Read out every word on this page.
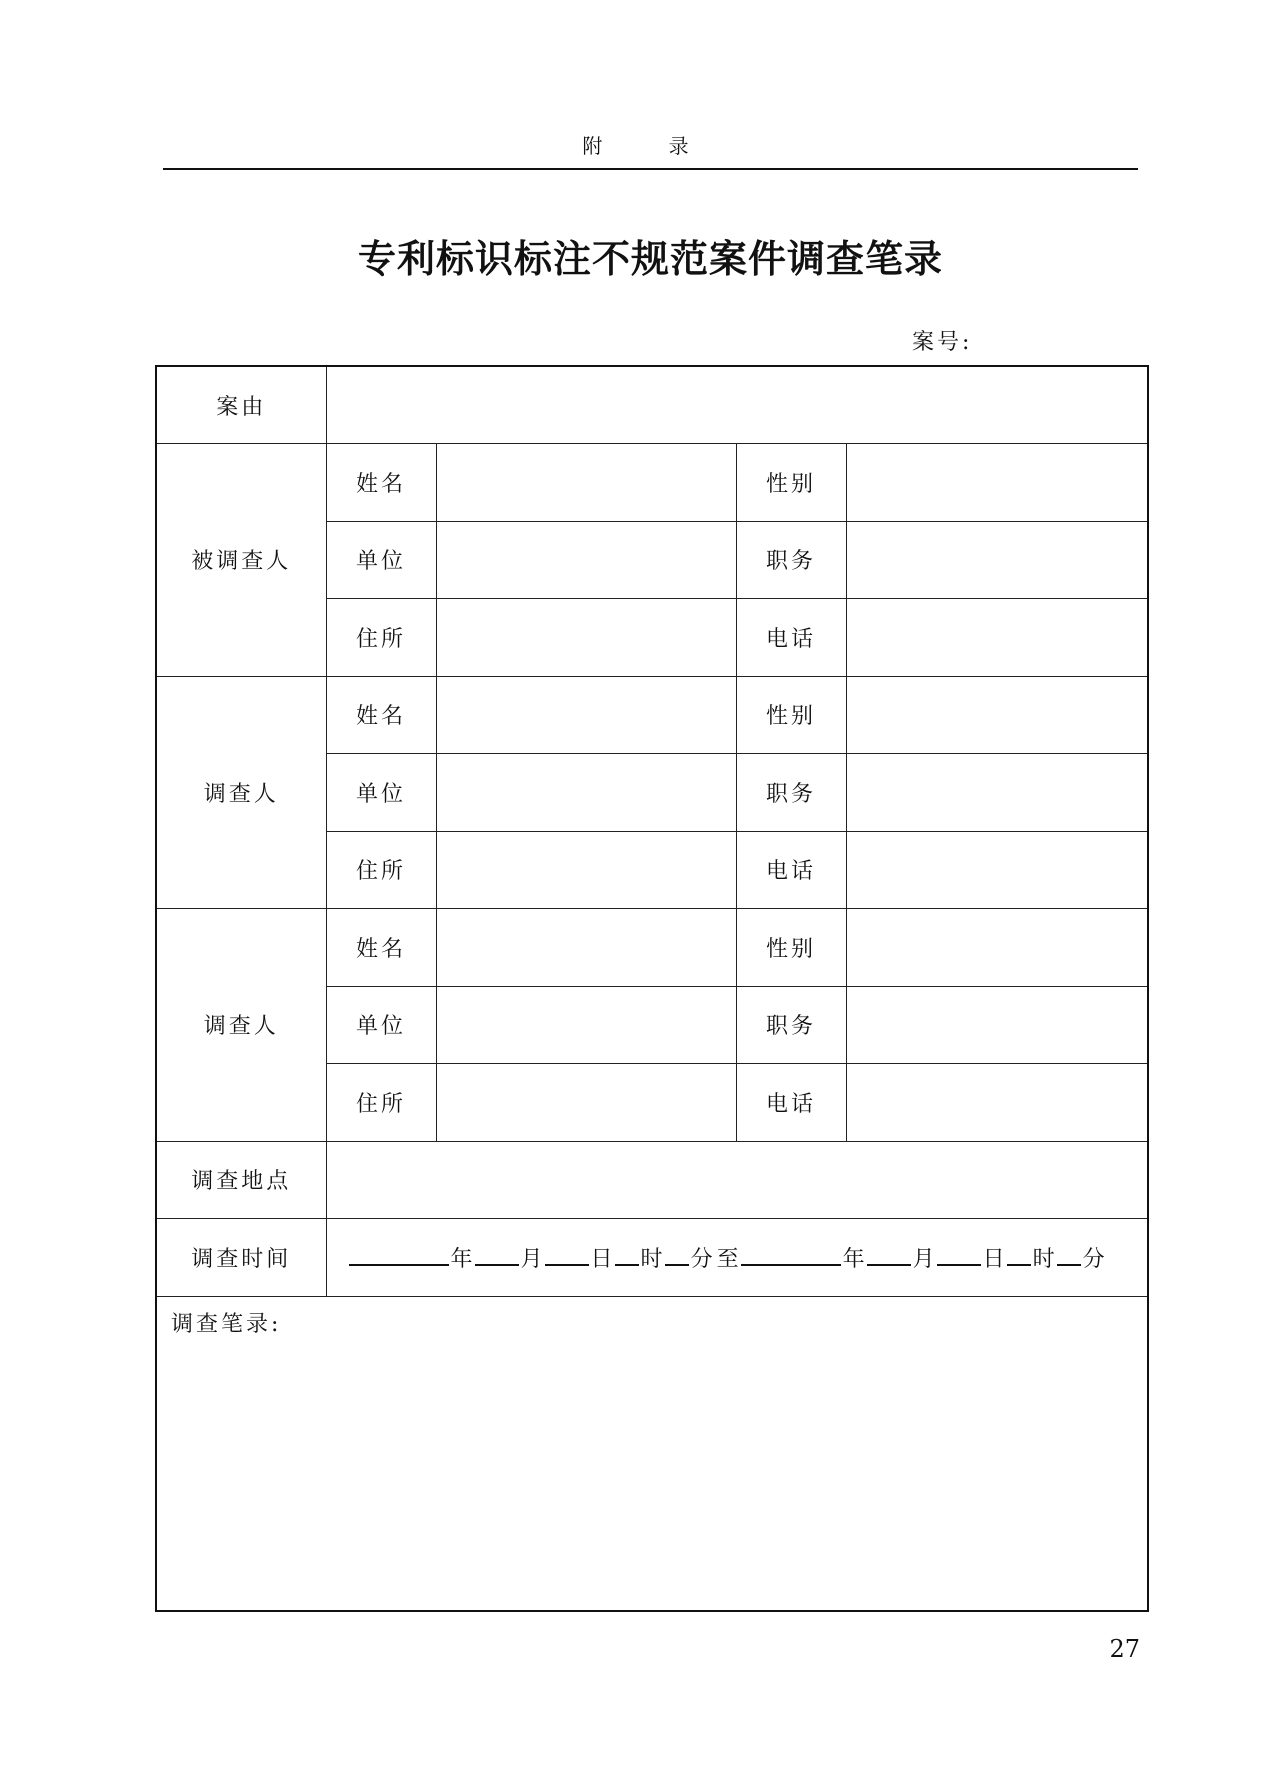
附 录
专利标识标注不规范案件调查笔录
案号:
案由				
被调查人	姓名		性别	
	单位		职务	
	住所		电话	
调查人	姓名		性别	
	单位		职务	
	住所		电话	
调查人	姓名		性别	
	单位		职务	
	住所		电话	
调查地点				
调查时间	年 月 日 时 分 至 年 月 日 时 分			
调查笔录:				
27
